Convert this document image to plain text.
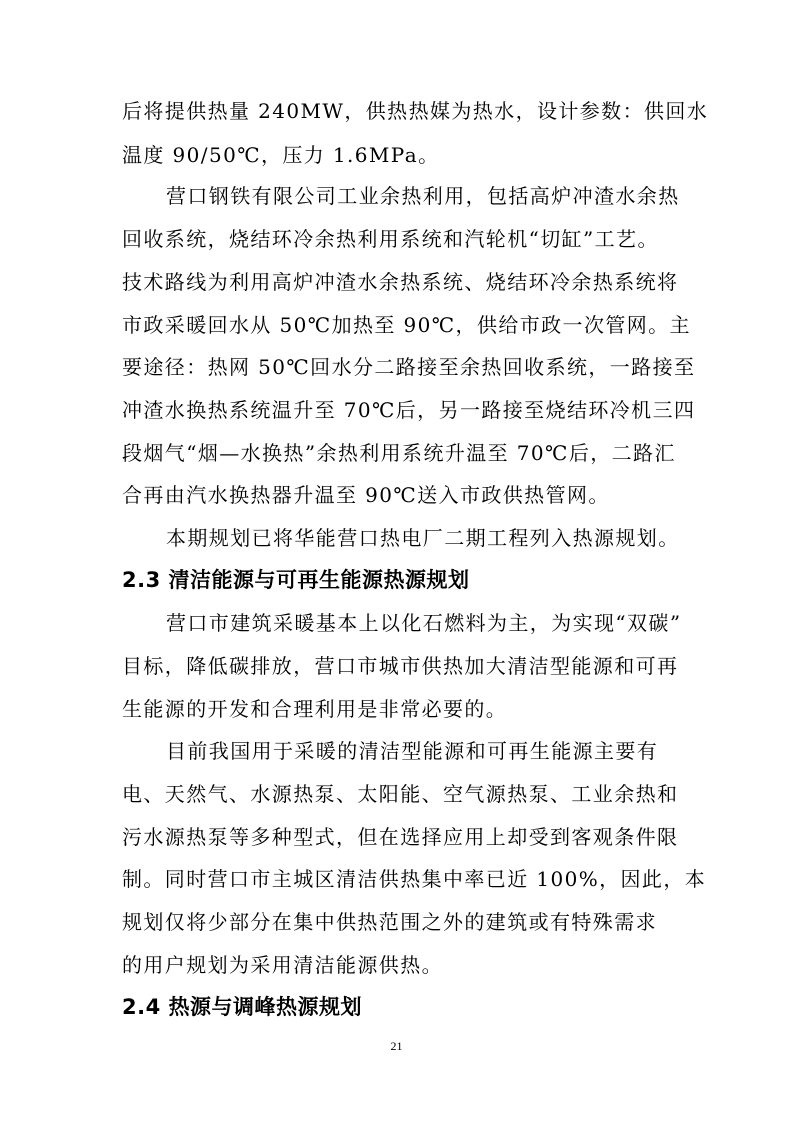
后将提供热量 240MW，供热热媒为热水，设计参数：供回水
温度 90/50℃，压力 1.6MPa。
营口钢铁有限公司工业余热利用，包括高炉冲渣水余热
回收系统，烧结环冷余热利用系统和汽轮机“切缸”工艺。
技术路线为利用高炉冲渣水余热系统、烧结环冷余热系统将
市政采暖回水从 50℃加热至 90℃，供给市政一次管网。主
要途径：热网 50℃回水分二路接至余热回收系统，一路接至
冲渣水换热系统温升至 70℃后，另一路接至烧结环冷机三四
段烟气“烟—水换热”余热利用系统升温至 70℃后，二路汇
合再由汽水换热器升温至 90℃送入市政供热管网。
本期规划已将华能营口热电厂二期工程列入热源规划。
2.3 清洁能源与可再生能源热源规划
营口市建筑采暖基本上以化石燃料为主，为实现“双碳”
目标，降低碳排放，营口市城市供热加大清洁型能源和可再
生能源的开发和合理利用是非常必要的。
目前我国用于采暖的清洁型能源和可再生能源主要有
电、天然气、水源热泵、太阳能、空气源热泵、工业余热和
污水源热泵等多种型式，但在选择应用上却受到客观条件限
制。同时营口市主城区清洁供热集中率已近 100%，因此，本
规划仅将少部分在集中供热范围之外的建筑或有特殊需求
的用户规划为采用清洁能源供热。
2.4 热源与调峰热源规划
21
